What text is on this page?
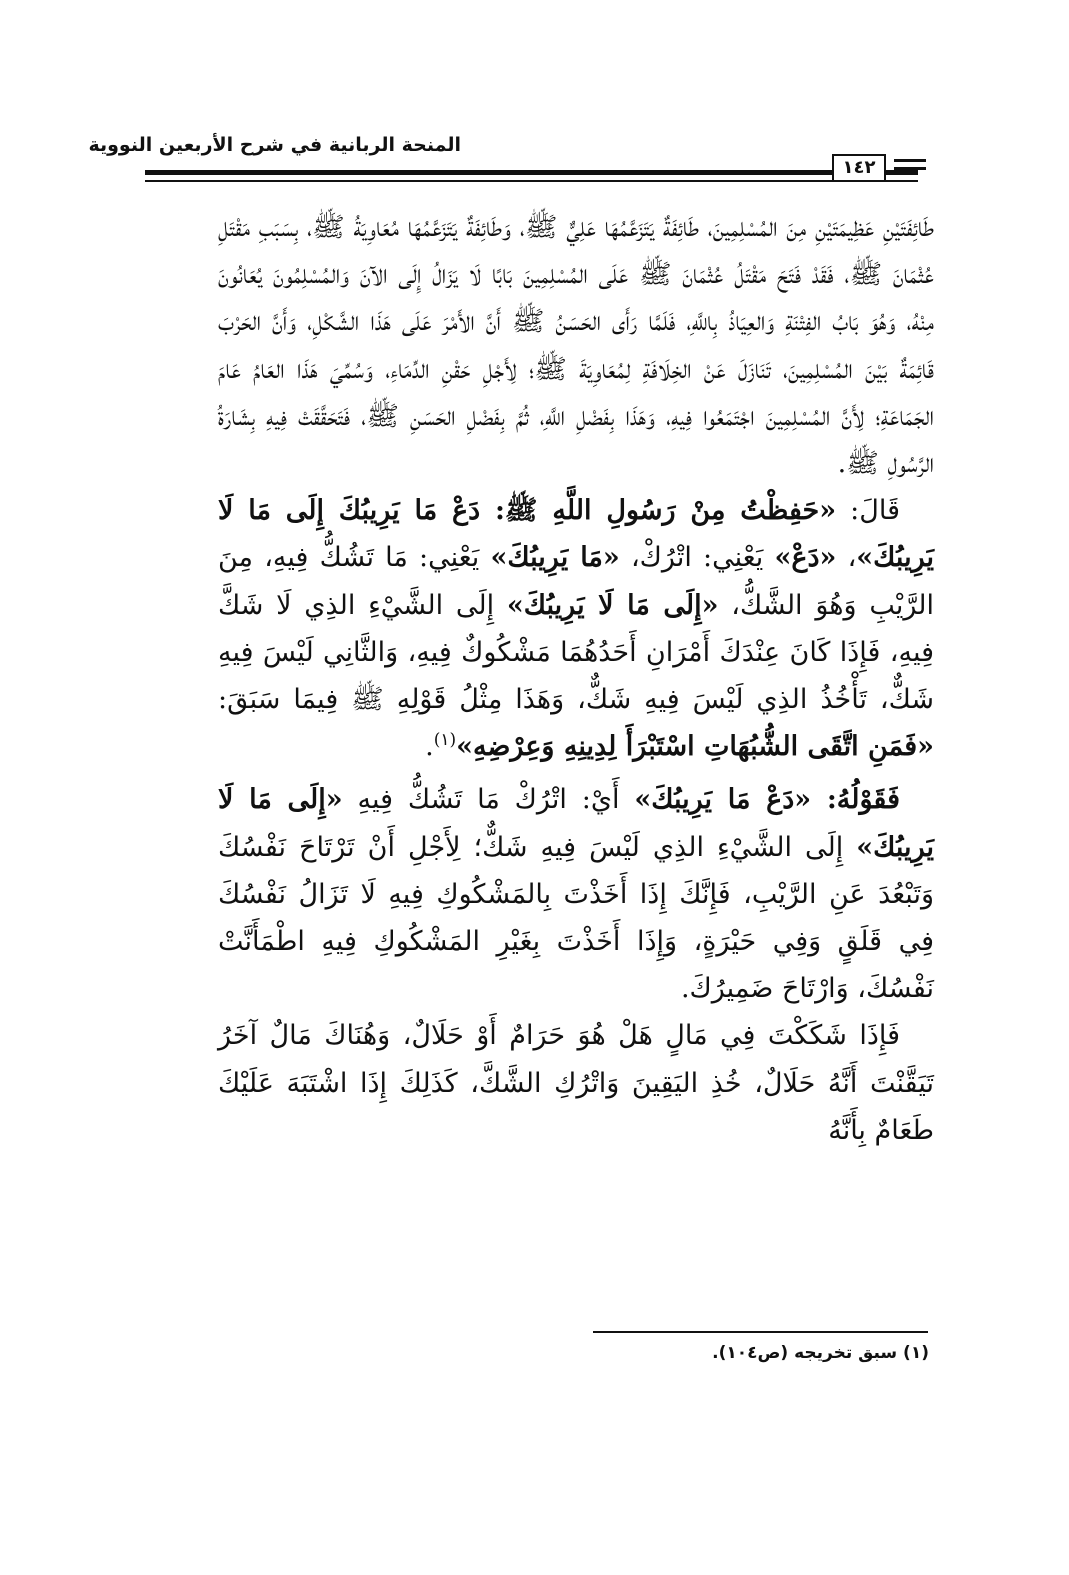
المنحة الربانية في شرح الأربعين النووية
١٤٢

طَائِفَتَيْنِ عَظِيمَتَيْنِ مِنَ المُسْلِمِينَ، طَائِفَةٌ يَتَزَعَّمُهَا عَلِيٌّ ﷺ، وَطَائِفَةٌ يَتَزَعَّمُهَا مُعَاوِيَةُ ﷺ، بِسَبَبِ مَقْتَلِ عُثْمَانَ ﷺ، فَقَدْ فَتَحَ مَقْتَلُ عُثْمَانَ ﷺ عَلَى المُسْلِمِينَ بَابًا لَا يَزَالُ إِلَى الآنَ وَالمُسْلِمُونَ يُعَانُونَ مِنْهُ، وَهُوَ بَابُ الفِتْنَةِ وَالعِيَاذُ بِاللَّهِ، فَلَمَّا رَأَى الحَسَنُ ﷺ أَنَّ الأَمْرَ عَلَى هَذَا الشَّكْلِ، وَأَنَّ الحَرْبَ قَائِمَةٌ بَيْنَ المُسْلِمِينَ، تَنَازَلَ عَنْ الخِلَافَةِ لِمُعَاوِيَةَ ﷺ؛ لِأَجْلِ حَقْنِ الدِّمَاءِ، وَسُمِّيَ هَذَا العَامُ عَامَ الجَمَاعَةِ؛ لِأَنَّ المُسْلِمِينَ اجْتَمَعُوا فِيهِ، وَهَذَا بِفَضْلِ اللَّهِ، ثُمَّ بِفَضْلِ الحَسَنِ ﷺ، فَتَحَقَّقَتْ فِيهِ بِشَارَةُ الرَّسُولِ ﷺ.

قَالَ: «حَفِظْتُ مِنْ رَسُولِ اللَّهِ ﷺ: دَعْ مَا يَرِيبُكَ إِلَى مَا لَا يَرِيبُكَ»، «دَعْ» يَعْنِي: اتْرُكْ، «مَا يَرِيبُكَ» يَعْنِي: مَا تَشُكُّ فِيهِ، مِنَ الرَّيْبِ وَهُوَ الشَّكُّ، «إِلَى مَا لَا يَرِيبُكَ» إِلَى الشَّيْءِ الذِي لَا شَكَّ فِيهِ، فَإِذَا كَانَ عِنْدَكَ أَمْرَانِ أَحَدُهُمَا مَشْكُوكٌ فِيهِ، وَالثَّانِي لَيْسَ فِيهِ شَكٌّ، تَأْخُذُ الذِي لَيْسَ فِيهِ شَكٌّ، وَهَذَا مِثْلُ قَوْلِهِ ﷺ فِيمَا سَبَقَ: «فَمَنِ اتَّقَى الشُّبُهَاتِ اسْتَبْرَأَ لِدِينِهِ وَعِرْضِهِ»$^{(١)}$.

فَقَوْلُهُ: «دَعْ مَا يَرِيبُكَ» أَيْ: اتْرُكْ مَا تَشُكُّ فِيهِ «إِلَى مَا لَا يَرِيبُكَ» إِلَى الشَّيْءِ الذِي لَيْسَ فِيهِ شَكٌّ؛ لِأَجْلِ أَنْ تَرْتَاحَ نَفْسُكَ وَتَبْعُدَ عَنِ الرَّيْبِ، فَإِنَّكَ إِذَا أَخَذْتَ بِالمَشْكُوكِ فِيهِ لَا تَزَالُ نَفْسُكَ فِي قَلَقٍ وَفِي حَيْرَةٍ، وَإِذَا أَخَذْتَ بِغَيْرِ المَشْكُوكِ فِيهِ اطْمَأَنَّتْ نَفْسُكَ، وَارْتَاحَ ضَمِيرُكَ.

فَإِذَا شَكَكْتَ فِي مَالٍ هَلْ هُوَ حَرَامٌ أَوْ حَلَالٌ، وَهُنَاكَ مَالٌ آخَرُ تَيَقَّنْتَ أَنَّهُ حَلَالٌ، خُذِ اليَقِينَ وَاتْرُكِ الشَّكَّ، كَذَلِكَ إِذَا اشْتَبَهَ عَلَيْكَ طَعَامٌ بِأَنَّهُ

(١) سبق تخريجه (ص١٠٤).
